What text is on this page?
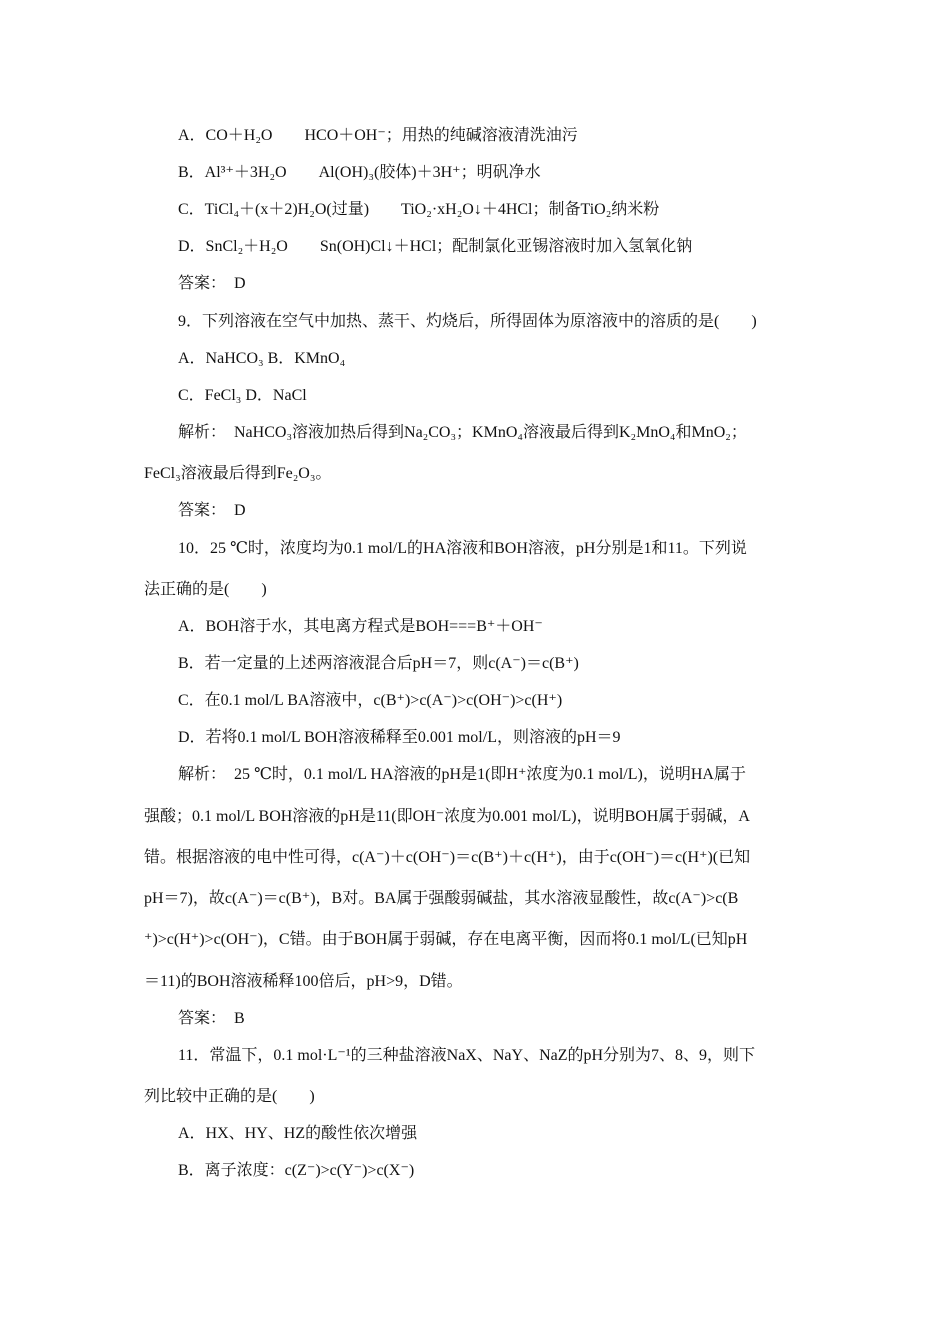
A．CO＋H₂O　　HCO＋OH⁻；用热的纯碱溶液清洗油污
B．Al³⁺＋3H₂O　　Al(OH)₃(胶体)＋3H⁺；明矾净水
C．TiCl₄＋(x＋2)H₂O(过量)　　TiO₂·xH₂O↓＋4HCl；制备TiO₂纳米粉
D．SnCl₂＋H₂O　　Sn(OH)Cl↓＋HCl；配制氯化亚锡溶液时加入氢氧化钠
答案：　D
9．下列溶液在空气中加热、蒸干、灼烧后，所得固体为原溶液中的溶质的是(　　)
A．NaHCO₃ B．KMnO₄
C．FeCl₃ D．NaCl
解析：　NaHCO₃溶液加热后得到Na₂CO₃；KMnO₄溶液最后得到K₂MnO₄和MnO₂；
FeCl₃溶液最后得到Fe₂O₃。
答案：　D
10．25 ℃时，浓度均为0.1 mol/L的HA溶液和BOH溶液，pH分别是1和11。下列说
法正确的是(　　)
A．BOH溶于水，其电离方程式是BOH===B⁺＋OH⁻
B．若一定量的上述两溶液混合后pH＝7，则c(A⁻)＝c(B⁺)
C．在0.1 mol/L BA溶液中，c(B⁺)>c(A⁻)>c(OH⁻)>c(H⁺)
D．若将0.1 mol/L BOH溶液稀释至0.001 mol/L，则溶液的pH＝9
解析：　25 ℃时，0.1 mol/L HA溶液的pH是1(即H⁺浓度为0.1 mol/L)，说明HA属于
强酸；0.1 mol/L BOH溶液的pH是11(即OH⁻浓度为0.001 mol/L)，说明BOH属于弱碱，A
错。根据溶液的电中性可得，c(A⁻)＋c(OH⁻)＝c(B⁺)＋c(H⁺)，由于c(OH⁻)＝c(H⁺)(已知
pH＝7)，故c(A⁻)＝c(B⁺)，B对。BA属于强酸弱碱盐，其水溶液显酸性，故c(A⁻)>c(B
⁺)>c(H⁺)>c(OH⁻)，C错。由于BOH属于弱碱，存在电离平衡，因而将0.1 mol/L(已知pH
＝11)的BOH溶液稀释100倍后，pH>9，D错。
答案：　B
11．常温下，0.1 mol·L⁻¹的三种盐溶液NaX、NaY、NaZ的pH分别为7、8、9，则下
列比较中正确的是(　　)
A．HX、HY、HZ的酸性依次增强
B．离子浓度：c(Z⁻)>c(Y⁻)>c(X⁻)
